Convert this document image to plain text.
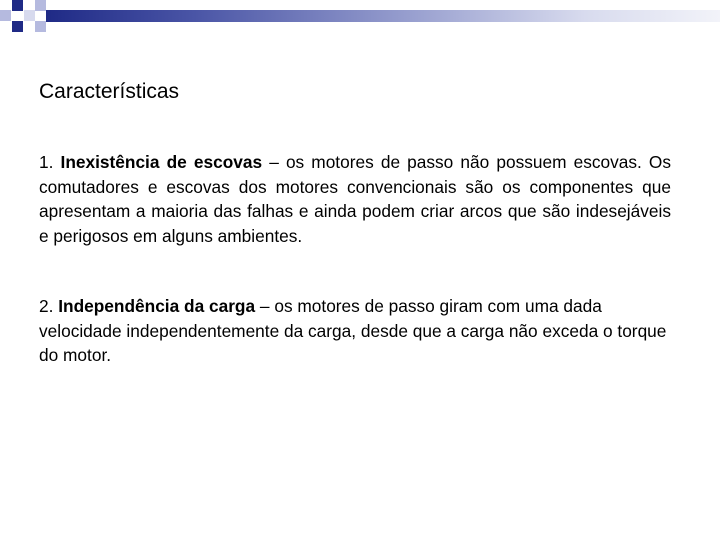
Características

1. Inexistência de escovas – os motores de passo não possuem escovas. Os comutadores e escovas dos motores convencionais são os componentes que apresentam a maioria das falhas e ainda podem criar arcos que são indesejáveis e perigosos em alguns ambientes.

2. Independência da carga – os motores de passo giram com uma dada velocidade independentemente da carga, desde que a carga não exceda o torque do motor.
